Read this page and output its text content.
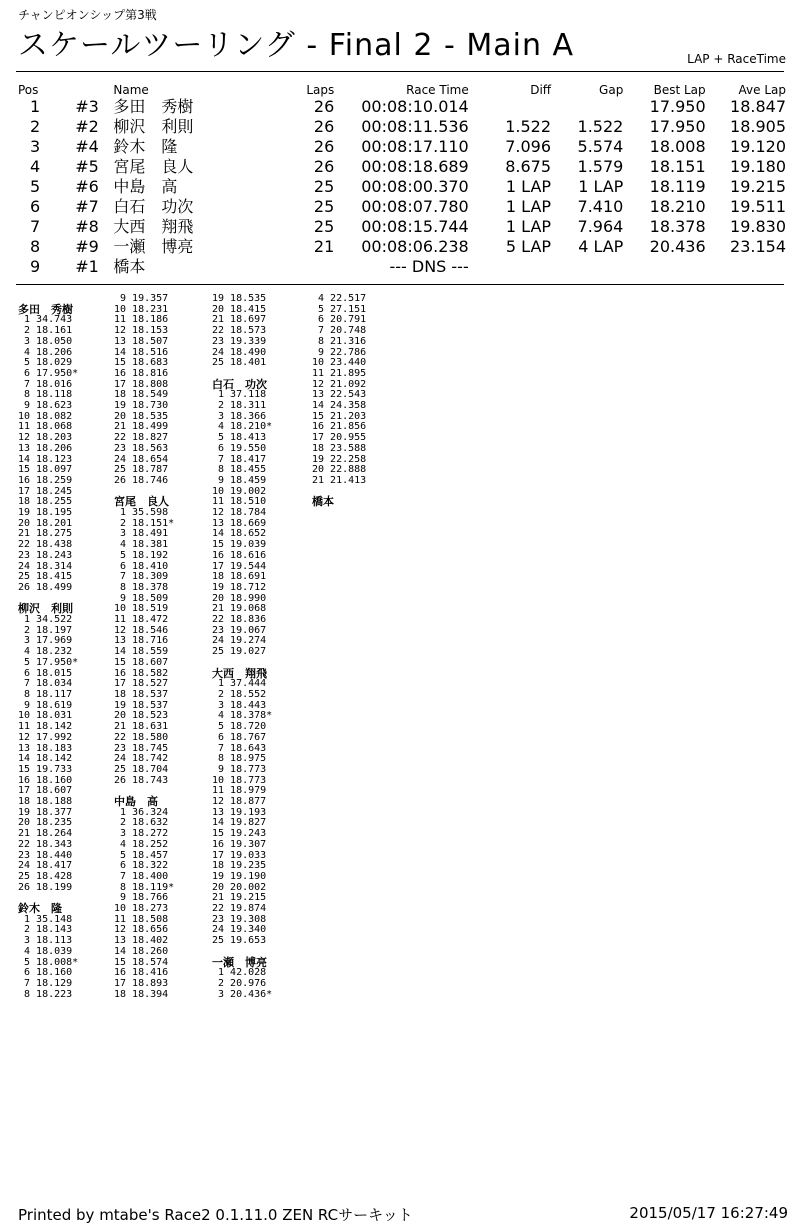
チャンピオンシップ第3戦
スケールツーリング - Final 2 - Main A	LAP + RaceTime
Pos		Name	Laps	Race Time	Diff	Gap	Best Lap	Ave Lap
1	#3	多田　秀樹	26	00:08:10.014			17.950	18.847
2	#2	柳沢　利則	26	00:08:11.536	1.522	1.522	17.950	18.905
3	#4	鈴木　隆	26	00:08:17.110	7.096	5.574	18.008	19.120
4	#5	宮尾　良人	26	00:08:18.689	8.675	1.579	18.151	19.180
5	#6	中島　高	25	00:08:00.370	1 LAP	1 LAP	18.119	19.215
6	#7	白石　功次	25	00:08:07.780	1 LAP	7.410	18.210	19.511
7	#8	大西　翔飛	25	00:08:15.744	1 LAP	7.964	18.378	19.830
8	#9	一瀬　博亮	21	00:08:06.238	5 LAP	4 LAP	20.436	23.154
9	#1	橋本		--- DNS ---				
多田　秀樹
1 34.743
2 18.161
3 18.050
4 18.206
5 18.029
6 17.950*
7 18.016
8 18.118
9 18.623
10 18.082
11 18.068
12 18.203
13 18.206
14 18.123
15 18.097
16 18.259
17 18.245
18 18.255
19 18.195
20 18.201
21 18.275
22 18.438
23 18.243
24 18.314
25 18.415
26 18.499
柳沢　利則
1 34.522
2 18.197
3 17.969
4 18.232
5 17.950*
6 18.015
7 18.034
8 18.117
9 18.619
10 18.031
11 18.142
12 17.992
13 18.183
14 18.142
15 19.733
16 18.160
17 18.607
18 18.188
19 18.377
20 18.235
21 18.264
22 18.343
23 18.440
24 18.417
25 18.428
26 18.199
鈴木　隆
1 35.148
2 18.143
3 18.113
4 18.039
5 18.008*
6 18.160
7 18.129
8 18.223
9 19.357
10 18.231
11 18.186
12 18.153
13 18.507
14 18.516
15 18.683
16 18.816
17 18.808
18 18.549
19 18.730
20 18.535
21 18.499
22 18.827
23 18.563
24 18.654
25 18.787
26 18.746
宮尾　良人
1 35.598
2 18.151*
3 18.491
4 18.381
5 18.192
6 18.410
7 18.309
8 18.378
9 18.509
10 18.519
11 18.472
12 18.546
13 18.716
14 18.559
15 18.607
16 18.582
17 18.527
18 18.537
19 18.537
20 18.523
21 18.631
22 18.580
23 18.745
24 18.742
25 18.704
26 18.743
中島　高
1 36.324
2 18.632
3 18.272
4 18.252
5 18.457
6 18.322
7 18.400
8 18.119*
9 18.766
10 18.273
11 18.508
12 18.656
13 18.402
14 18.260
15 18.574
16 18.416
17 18.893
18 18.394
19 18.535
20 18.415
21 18.697
22 18.573
23 19.339
24 18.490
25 18.401
白石　功次
1 37.118
2 18.311
3 18.366
4 18.210*
5 18.413
6 19.550
7 18.417
8 18.455
9 18.459
10 19.002
11 18.510
12 18.784
13 18.669
14 18.652
15 19.039
16 18.616
17 19.544
18 18.691
19 18.712
20 18.990
21 19.068
22 18.836
23 19.067
24 19.274
25 19.027
大西　翔飛
1 37.444
2 18.552
3 18.443
4 18.378*
5 18.720
6 18.767
7 18.643
8 18.975
9 18.773
10 18.773
11 18.979
12 18.877
13 19.193
14 19.827
15 19.243
16 19.307
17 19.033
18 19.235
19 19.190
20 20.002
21 19.215
22 19.874
23 19.308
24 19.340
25 19.653
一瀬　博亮
1 42.028
2 20.976
3 20.436*
4 22.517
5 27.151
6 20.791
7 20.748
8 21.316
9 22.786
10 23.440
11 21.895
12 21.092
13 22.543
14 24.358
15 21.203
16 21.856
17 20.955
18 23.588
19 22.258
20 22.888
21 21.413
橋本
Printed by mtabe's Race2 0.1.11.0 ZEN RCサーキット	2015/05/17 16:27:49
